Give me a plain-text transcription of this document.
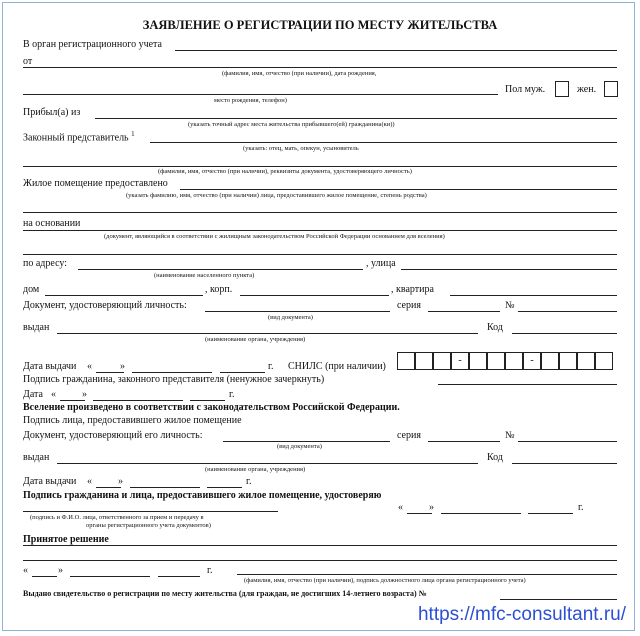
ЗАЯВЛЕНИЕ О РЕГИСТРАЦИИ ПО МЕСТУ ЖИТЕЛЬСТВА
В орган регистрационного учета
от
(фамилия, имя, отчество (при наличии), дата рождения,
Пол муж.	жен.
место рождения, телефон)
Прибыл(а) из
(указать точный адрес места жительства прибывшего(ей) гражданина(ки))
Законный представитель $^1$
(указать: отец, мать, опекун, усыновитель
(фамилия, имя, отчество (при наличии), реквизиты документа, удостоверяющего личность)
Жилое помещение предоставлено
(указать фамилию, имя, отчество (при наличии) лица, предоставившего жилое помещение, степень родства)
на основании
(документ, являющийся в соответствии с жилищным законодательством Российской Федерации основанием для вселения)
по адресу:	, улица
(наименование населенного пункта)
дом	, корп.	, квартира
Документ, удостоверяющий личность:	серия	№
(вид документа)
выдан	Код
(наименование органа, учреждения)
Дата выдачи «	»	г. СНИЛС (при наличии)
-	-
Подпись гражданина, законного представителя (ненужное зачеркнуть)
Дата «	»	г.
Вселение произведено в соответствии с законодательством Российской Федерации.
Подпись лица, предоставившего жилое помещение
Документ, удостоверяющий его личность:	серия	№
(вид документа)
выдан	Код
(наименование органа, учреждения)
Дата выдачи «	»	г.
Подпись гражданина и лица, предоставившего жилое помещение, удостоверяю
«	»	г.
(подпись и Ф.И.О. лица, ответственного за прием и передачу в
органы регистрационного учета документов)
Принятое решение
«	»	г.
(фамилия, имя, отчество (при наличии), подпись должностного лица органа регистрационного учета)
Выдано свидетельство о регистрации по месту жительства (для граждан, не достигших 14-летнего возраста) №
https://mfc-consultant.ru/
